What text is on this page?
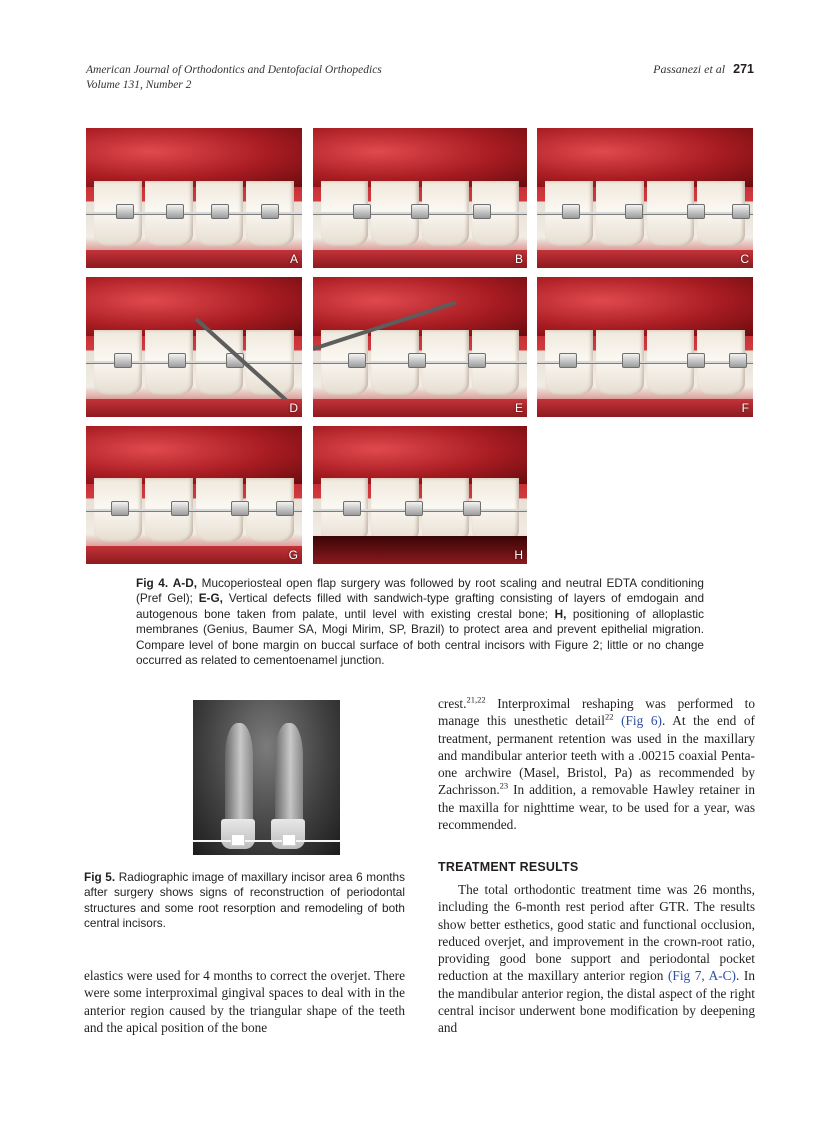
American Journal of Orthodontics and Dentofacial Orthopedics
Volume 131, Number 2
Passanezi et al 271
A	B	C
D	E	F
G	H
Fig 4. A-D, Mucoperiosteal open flap surgery was followed by root scaling and neutral EDTA conditioning (Pref Gel); E-G, Vertical defects filled with sandwich-type grafting consisting of layers of emdogain and autogenous bone taken from palate, until level with existing crestal bone; H, positioning of alloplastic membranes (Genius, Baumer SA, Mogi Mirim, SP, Brazil) to protect area and prevent epithelial migration. Compare level of bone margin on buccal surface of both central incisors with Figure 2; little or no change occurred as related to cementoenamel junction.
Fig 5. Radiographic image of maxillary incisor area 6 months after surgery shows signs of reconstruction of periodontal structures and some root resorption and remodeling of both central incisors.
elastics were used for 4 months to correct the overjet. There were some interproximal gingival spaces to deal with in the anterior region caused by the triangular shape of the teeth and the apical position of the bone

crest.$^{21,22}$ Interproximal reshaping was performed to manage this unesthetic detail$^{22}$ (Fig 6). At the end of treatment, permanent retention was used in the maxillary and mandibular anterior teeth with a .00215 coaxial Penta-one archwire (Masel, Bristol, Pa) as recommended by Zachrisson.$^{23}$ In addition, a removable Hawley retainer in the maxilla for nighttime wear, to be used for a year, was recommended.

TREATMENT RESULTS

The total orthodontic treatment time was 26 months, including the 6-month rest period after GTR. The results show better esthetics, good static and functional occlusion, reduced overjet, and improvement in the crown-root ratio, providing good bone support and periodontal pocket reduction at the maxillary anterior region (Fig 7, A-C). In the mandibular anterior region, the distal aspect of the right central incisor underwent bone modification by deepening and
